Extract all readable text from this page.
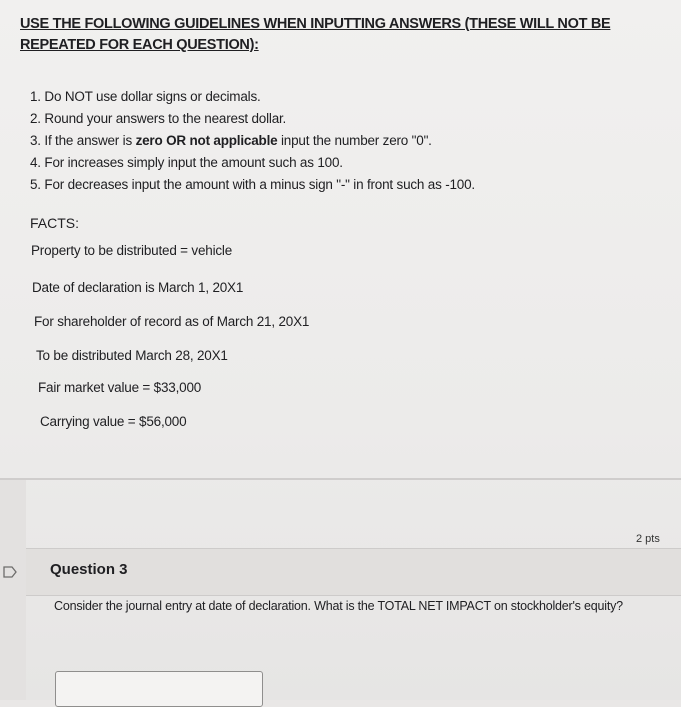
USE THE FOLLOWING GUIDELINES WHEN INPUTTING ANSWERS (THESE WILL NOT BE REPEATED FOR EACH QUESTION):
1. Do NOT use dollar signs or decimals.
2. Round your answers to the nearest dollar.
3. If the answer is zero OR not applicable input the number zero "0".
4. For increases simply input the amount such as 100.
5. For decreases input the amount with a minus sign "-" in front such as -100.
FACTS:
Property to be distributed = vehicle
Date of declaration is March 1, 20X1
For shareholder of record as of March 21, 20X1
To be distributed March 28, 20X1
Fair market value = $33,000
Carrying value = $56,000
2 pts
Question 3
Consider the journal entry at date of declaration. What is the TOTAL NET IMPACT on stockholder's equity?
